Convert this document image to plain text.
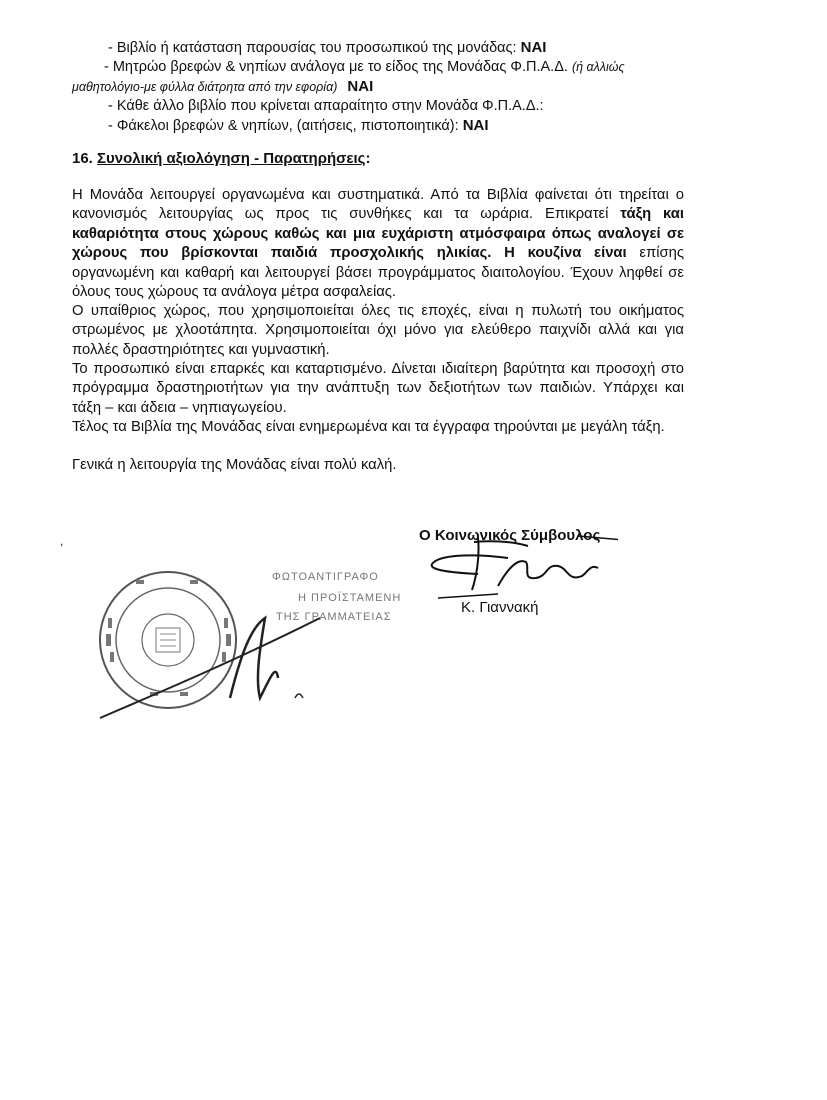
- Βιβλίο ή κατάσταση παρουσίας του προσωπικού της μονάδας: ΝΑΙ
- Μητρώο βρεφών & νηπίων ανάλογα με το είδος της Μονάδας Φ.Π.Α.Δ. (ή αλλιώς
μαθητολόγιο-με φύλλα διάτρητα από την εφορία) ΝΑΙ
- Κάθε άλλο βιβλίο που κρίνεται απαραίτητο στην Μονάδα Φ.Π.Α.Δ.:
- Φάκελοι βρεφών & νηπίων, (αιτήσεις, πιστοποιητικά): ΝΑΙ
16. Συνολική αξιολόγηση - Παρατηρήσεις:
Η Μονάδα λειτουργεί οργανωμένα και συστηματικά. Από τα Βιβλία φαίνεται ότι τηρείται ο κανονισμός λειτουργίας ως προς τις συνθήκες και τα ωράρια. Επικρατεί τάξη και καθαριότητα στους χώρους καθώς και μια ευχάριστη ατμόσφαιρα όπως αναλογεί σε χώρους που βρίσκονται παιδιά προσχολικής ηλικίας. Η κουζίνα είναι επίσης οργανωμένη και καθαρή και λειτουργεί βάσει προγράμματος διαιτολογίου. Έχουν ληφθεί σε όλους τους χώρους τα ανάλογα μέτρα ασφαλείας.
Ο υπαίθριος χώρος, που χρησιμοποιείται όλες τις εποχές, είναι η πυλωτή του οικήματος στρωμένος με χλοοτάπητα. Χρησιμοποιείται όχι μόνο για ελεύθερο παιχνίδι αλλά και για πολλές δραστηριότητες και γυμναστική.
Το προσωπικό είναι επαρκές και καταρτισμένο. Δίνεται ιδιαίτερη βαρύτητα και προσοχή στο πρόγραμμα δραστηριοτήτων για την ανάπτυξη των δεξιοτήτων των παιδιών. Υπάρχει και τάξη – και άδεια – νηπιαγωγείου.
Τέλος τα Βιβλία της Μονάδας είναι ενημερωμένα και τα έγγραφα τηρούνται με μεγάλη τάξη.
Γενικά η λειτουργία της Μονάδας είναι πολύ καλή.
,
ΦΩΤΟΑΝΤΙΓΡΑΦΟ
Η ΠΡΟΪΣΤΑΜΕΝΗ
ΤΗΣ ΓΡΑΜΜΑΤΕΙΑΣ
Ο Κοινωνικός Σύμβουλος
Κ. Γιαννακή
